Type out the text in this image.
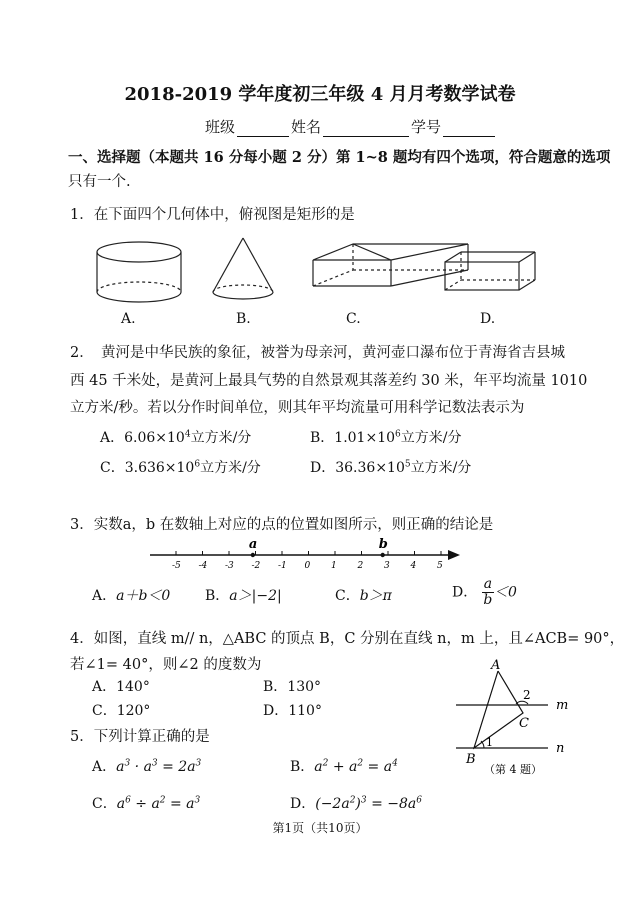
2018-2019 学年度初三年级 4 月月考数学试卷
班级	姓名	学号
一、选择题（本题共 16 分每小题 2 分）第 1~8 题均有四个选项，符合题意的选项
只有一个.
1．在下面四个几何体中，俯视图是矩形的是
A.	B.	C.	D.
2．　黄河是中华民族的象征，被誉为母亲河，黄河壶口瀑布位于青海省吉县城
西 45 千米处，是黄河上最具气势的自然景观其落差约 30 米，年平均流量 1010
立方米/秒。若以分作时间单位，则其年平均流量可用科学记数法表示为
A．$6.06\times 10^4$立方米/分	B．$1.01\times 10^6$立方米/分
C．$3.636\times 10^6$立方米/分	D．$36.36\times 10^5$立方米/分
3．实数a，b 在数轴上对应的点的位置如图所示，则正确的结论是
-5 -4 -3 -2 -1 0 1 2 3 4 5
a	b
A．a＋b＜0 B．a＞|−2|	C．b＞π	D． $\frac{a}{b} <0$
4．如图，直线 m// n，△ABC 的顶点 B，C 分别在直线 n，m 上，且∠ACB= 90°，
若∠1= 40°，则∠2 的度数为
A．140°	B．130°
C．120°	D．110°
A
B
C
m
n
1
2
（第 4 题）
5．下列计算正确的是
A．$a^3 \cdot a^3 = 2a^3$	B．$a^2 + a^2 = a^4$
C．$a^6 \div a^2 = a^3$	D．$(-2a^2)^3 = -8a^6$
第1页（共10页）
